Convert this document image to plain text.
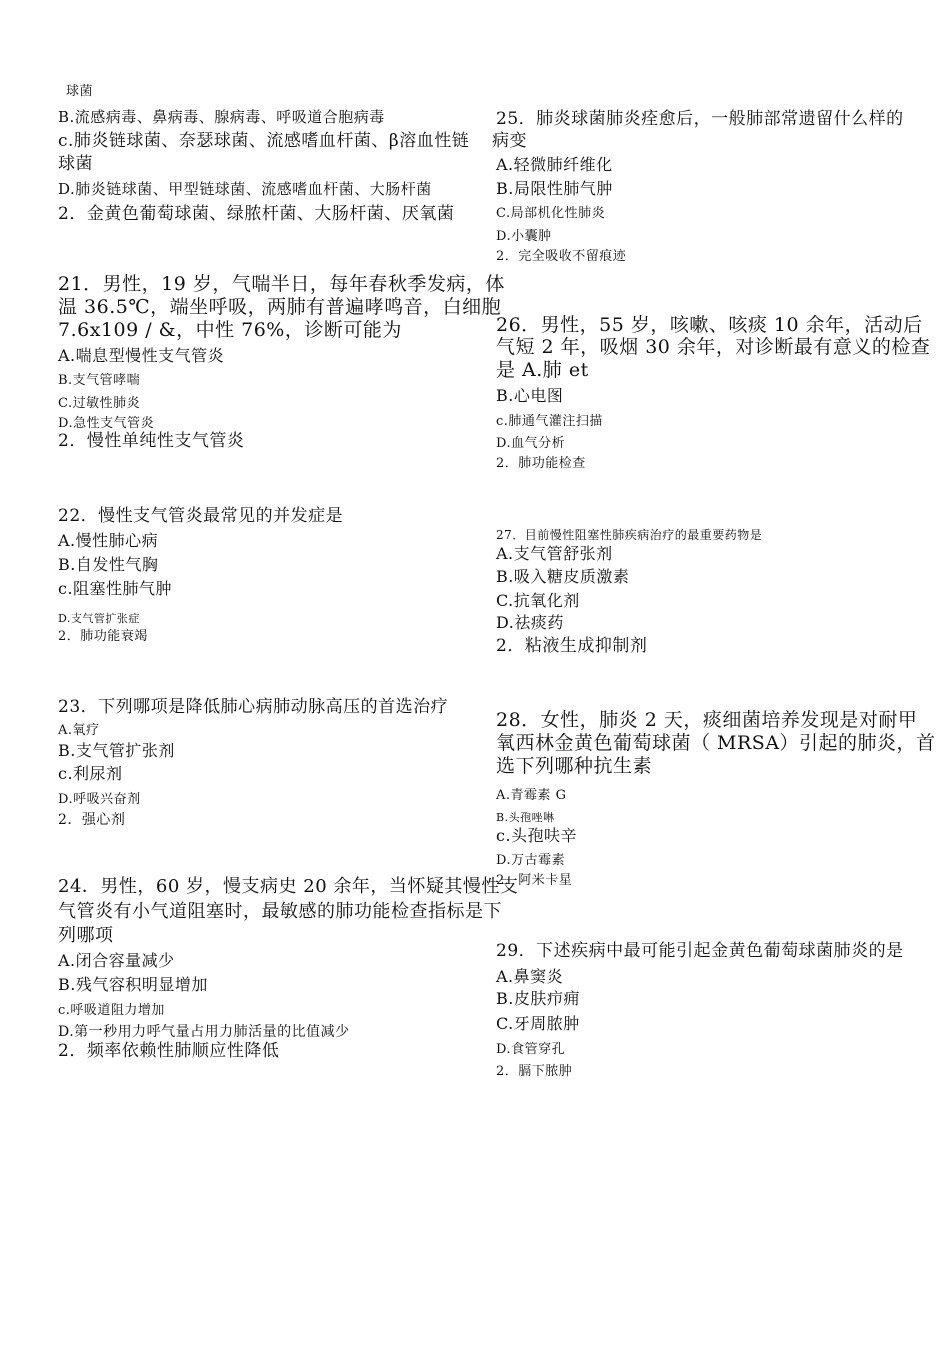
球菌
B.流感病毒、鼻病毒、腺病毒、呼吸道合胞病毒
c.肺炎链球菌、奈瑟球菌、流感嗜血杆菌、β溶血性链
球菌
D.肺炎链球菌、甲型链球菌、流感嗜血杆菌、大肠杆菌
2．金黄色葡萄球菌、绿脓杆菌、大肠杆菌、厌氧菌
21．男性，19 岁，气喘半日，每年春秋季发病，体
温 36.5℃，端坐呼吸，两肺有普遍哮鸣音，白细胞
7.6x109 / &，中性 76%，诊断可能为
A.喘息型慢性支气管炎
B.支气管哮喘
C.过敏性肺炎
D.急性支气管炎
2．慢性单纯性支气管炎
22．慢性支气管炎最常见的并发症是
A.慢性肺心病
B.自发性气胸
c.阻塞性肺气肿
D.支气管扩张症
2．肺功能衰竭
23．下列哪项是降低肺心病肺动脉高压的首选治疗
A.氧疗
B.支气管扩张剂
c.利尿剂
D.呼吸兴奋剂
2．强心剂
24．男性，60 岁，慢支病史 20 余年，当怀疑其慢性支
气管炎有小气道阻塞时，最敏感的肺功能检查指标是下
列哪项
A.闭合容量减少
B.残气容积明显增加
c.呼吸道阻力增加
D.第一秒用力呼气量占用力肺活量的比值减少
2．频率依赖性肺顺应性降低
25．肺炎球菌肺炎痊愈后，一般肺部常遗留什么样的
病变
A.轻微肺纤维化
B.局限性肺气肿
C.局部机化性肺炎
D.小囊肿
2．完全吸收不留痕迹
26．男性，55 岁，咳嗽、咳痰 10 余年，活动后
气短 2 年，吸烟 30 余年，对诊断最有意义的检查
是 A.肺 et
B.心电图
c.肺通气灌注扫描
D.血气分析
2．肺功能检查
27．目前慢性阻塞性肺疾病治疗的最重要药物是
A.支气管舒张剂
B.吸入糖皮质激素
C.抗氧化剂
D.祛痰药
2．粘液生成抑制剂
28．女性，肺炎 2 天，痰细菌培养发现是对耐甲
氧西林金黄色葡萄球菌（ MRSA）引起的肺炎，首
选下列哪种抗生素
A.青霉素 G
B.头孢唑啉
c.头孢呋辛
D.万古霉素
2．阿米卡星
29．下述疾病中最可能引起金黄色葡萄球菌肺炎的是
A.鼻窦炎
B.皮肤疖痈
C.牙周脓肿
D.食管穿孔
2．膈下脓肿
